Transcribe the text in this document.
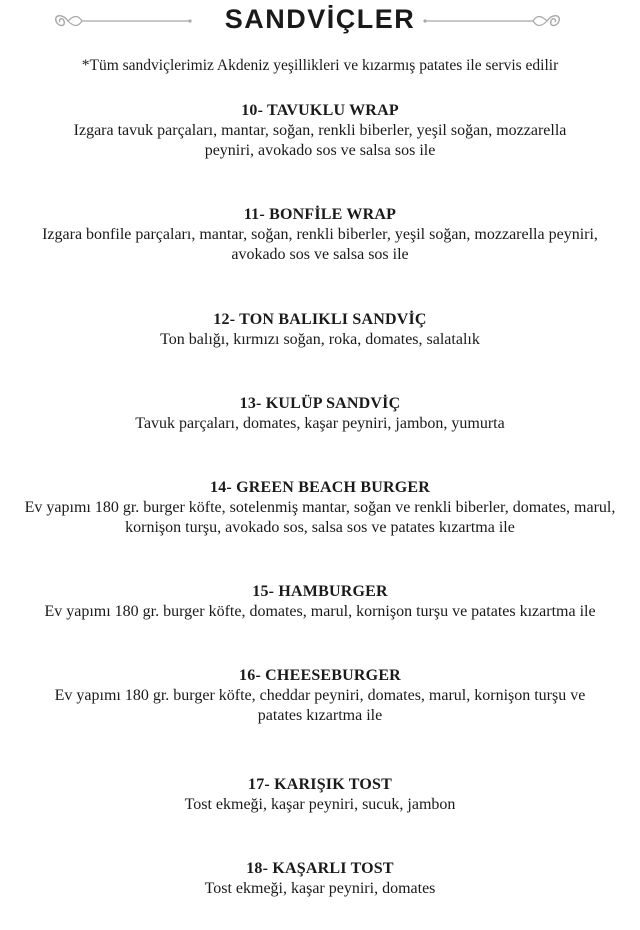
SANDVİÇLER
*Tüm sandviçlerimiz Akdeniz yeşillikleri ve kızarmış patates ile servis edilir
10- TAVUKLU WRAP
Izgara tavuk parçaları, mantar, soğan, renkli biberler, yeşil soğan, mozzarella peyniri, avokado sos ve salsa sos ile
11- BONFİLE WRAP
Izgara bonfile parçaları, mantar, soğan, renkli biberler, yeşil soğan, mozzarella peyniri, avokado sos ve salsa sos ile
12- TON BALIKLI SANDVİÇ
Ton balığı, kırmızı soğan, roka, domates, salatalık
13- KULÜP SANDVİÇ
Tavuk parçaları, domates, kaşar peyniri, jambon, yumurta
14- GREEN BEACH BURGER
Ev yapımı 180 gr. burger köfte, sotelenmiş mantar, soğan ve renkli biberler, domates, marul, kornişon turşu, avokado sos, salsa sos ve patates kızartma ile
15- HAMBURGER
Ev yapımı 180 gr. burger köfte, domates, marul, kornişon turşu ve patates kızartma ile
16- CHEESEBURGER
Ev yapımı 180 gr. burger köfte, cheddar peyniri, domates, marul, kornişon turşu ve patates kızartma ile
17- KARIŞIK TOST
Tost ekmeği, kaşar peyniri, sucuk, jambon
18- KAŞARLI TOST
Tost ekmeği, kaşar peyniri, domates
